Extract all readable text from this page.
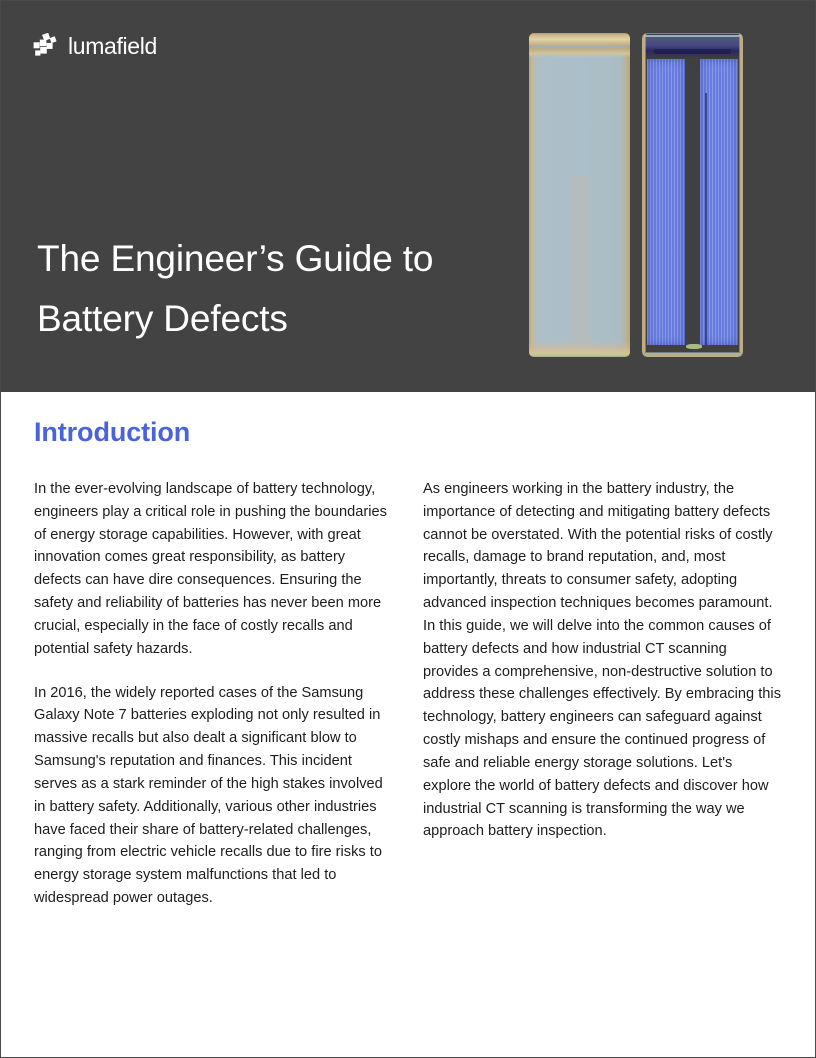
lumafield
The Engineer’s Guide to Battery Defects
Introduction

In the ever-evolving landscape of battery technology, engineers play a critical role in pushing the boundaries of energy storage capabilities. However, with great innovation comes great responsibility, as battery defects can have dire consequences. Ensuring the safety and reliability of batteries has never been more crucial, especially in the face of costly recalls and potential safety hazards.

In 2016, the widely reported cases of the Samsung Galaxy Note 7 batteries exploding not only resulted in massive recalls but also dealt a significant blow to Samsung's reputation and finances. This incident serves as a stark reminder of the high stakes involved in battery safety. Additionally, various other industries have faced their share of battery-related challenges, ranging from electric vehicle recalls due to fire risks to energy storage system malfunctions that led to widespread power outages.

As engineers working in the battery industry, the importance of detecting and mitigating battery defects cannot be overstated. With the potential risks of costly recalls, damage to brand reputation, and, most importantly, threats to consumer safety, adopting advanced inspection techniques becomes paramount. In this guide, we will delve into the common causes of battery defects and how industrial CT scanning provides a comprehensive, non-destructive solution to address these challenges effectively. By embracing this technology, battery engineers can safeguard against costly mishaps and ensure the continued progress of safe and reliable energy storage solutions. Let's explore the world of battery defects and discover how industrial CT scanning is transforming the way we approach battery inspection.
